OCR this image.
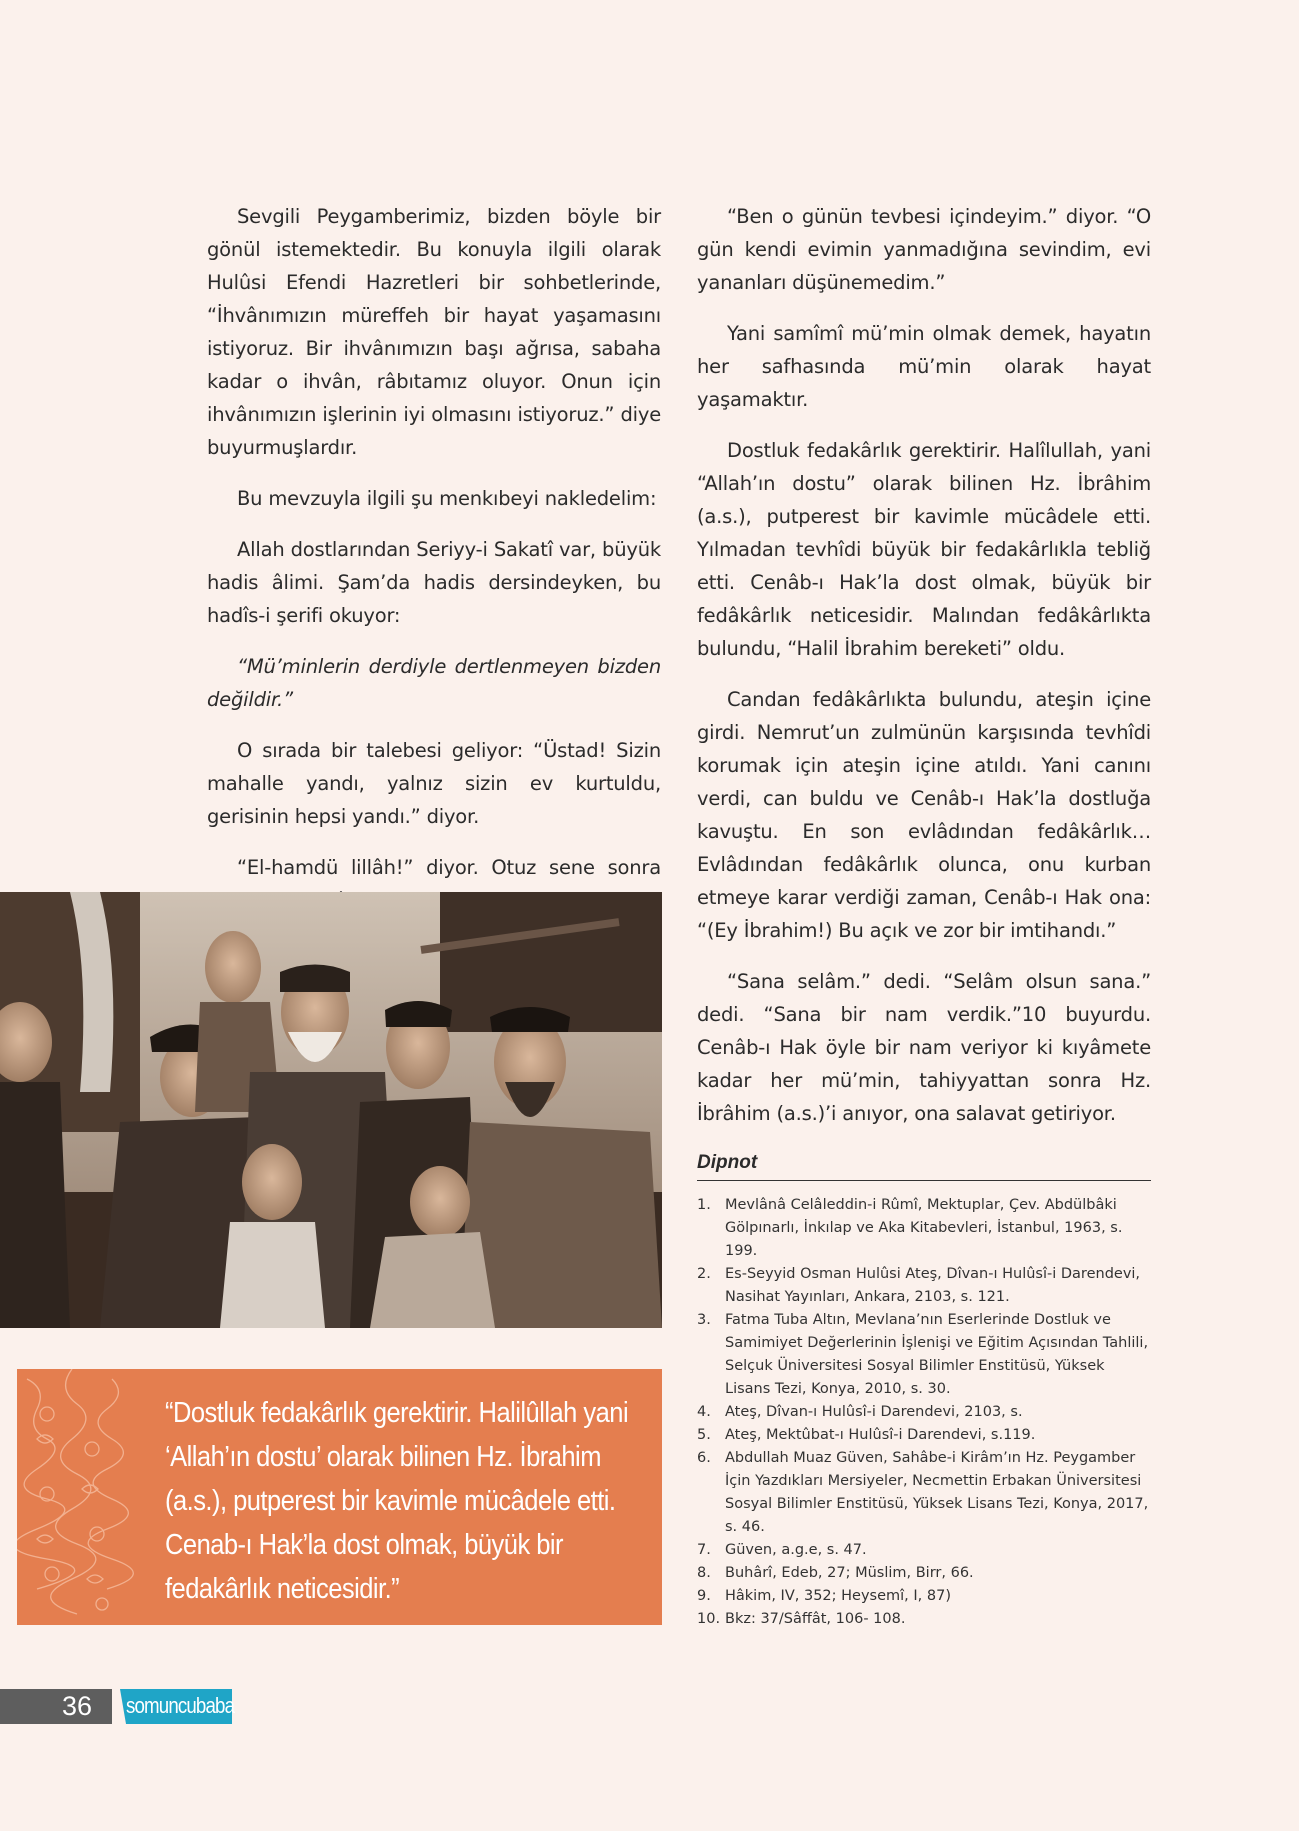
Sevgili Peygamberimiz, bizden böyle bir gönül istemektedir. Bu konuyla ilgili olarak Hulûsi Efendi Hazretleri bir sohbetlerinde, “İhvânımızın müreffeh bir hayat yaşamasını istiyoruz. Bir ihvânımızın başı ağrısa, sabaha kadar o ihvân, râbıtamız oluyor. Onun için ihvânımızın işlerinin iyi olmasını istiyoruz.” diye buyurmuşlardır.

Bu mevzuyla ilgili şu menkıbeyi nakledelim:

Allah dostlarından Seriyy-i Sakatî var, büyük hadis âlimi. Şam’da hadis dersindeyken, bu hadîs-i şerifi okuyor:

“Mü’minlerin derdiyle dertlenmeyen bizden değildir.”

O sırada bir talebesi geliyor: “Üstad! Sizin mahalle yandı, yalnız sizin ev kurtuldu, gerisinin hepsi yandı.” diyor.

“El-hamdü lillâh!” diyor. Otuz sene sonra

“Ben o günün tevbesi içindeyim.” diyor. “O gün kendi evimin yanmadığına sevindim, evi yananları düşünemedim.”

Yani samîmî mü’min olmak demek, hayatın her safhasında mü’min olarak hayat yaşamaktır.

Dostluk fedakârlık gerektirir. Halîlullah, yani “Allah’ın dostu” olarak bilinen Hz. İbrâhim (a.s.), putperest bir kavimle mücâdele etti. Yılmadan tevhîdi büyük bir fedakârlıkla tebliğ etti. Cenâb-ı Hak’la dost olmak, büyük bir fedâkârlık neticesidir. Malından fedâkârlıkta bulundu, “Halil İbrahim bereketi” oldu.

Candan fedâkârlıkta bulundu, ateşin içine girdi. Nemrut’un zulmünün karşısında tevhîdi korumak için ateşin içine atıldı. Yani canını verdi, can buldu ve Cenâb-ı Hak’la dostluğa kavuştu. En son evlâdından fedâkârlık… Evlâdından fedâkârlık olunca, onu kurban etmeye karar verdiği zaman, Cenâb-ı Hak ona: “(Ey İbrahim!) Bu açık ve zor bir imtihandı.”

“Sana selâm.” dedi. “Selâm olsun sana.” dedi. “Sana bir nam verdik.”10 buyurdu. Cenâb-ı Hak öyle bir nam veriyor ki kıyâmete kadar her mü’min, tahiyyattan sonra Hz. İbrâhim (a.s.)’i anıyor, ona salavat getiriyor.

“Dostluk fedakârlık gerektirir. Halilûllah yani ‘Allah’ın dostu’ olarak bilinen Hz. İbrahim (a.s.), putperest bir kavimle mücâdele etti. Cenab-ı Hak’la dost olmak, büyük bir fedakârlık neticesidir.”
Dipnot
1. Mevlânâ Celâleddin-i Rûmî, Mektuplar, Çev. Abdülbâki Gölpınarlı, İnkılap ve Aka Kitabevleri, İstanbul, 1963, s. 199.
2. Es-Seyyid Osman Hulûsi Ateş, Dîvan-ı Hulûsî-i Darendevi, Nasihat Yayınları, Ankara, 2103, s. 121.
3. Fatma Tuba Altın, Mevlana’nın Eserlerinde Dostluk ve Samimiyet Değerlerinin İşlenişi ve Eğitim Açısından Tahlili, Selçuk Üniversitesi Sosyal Bilimler Enstitüsü, Yüksek Lisans Tezi, Konya, 2010, s. 30.
4. Ateş, Dîvan-ı Hulûsî-i Darendevi, 2103, s.
5. Ateş, Mektûbat-ı Hulûsî-i Darendevi, s.119.
6. Abdullah Muaz Güven, Sahâbe-i Kirâm’ın Hz. Peygamber İçin Yazdıkları Mersiyeler, Necmettin Erbakan Üniversitesi Sosyal Bilimler Enstitüsü, Yüksek Lisans Tezi, Konya, 2017, s. 46.
7. Güven, a.g.e, s. 47.
8. Buhârî, Edeb, 27; Müslim, Birr, 66.
9. Hâkim, IV, 352; Heysemî, I, 87)
10. Bkz: 37/Sâffât, 106- 108.
36 somuncubaba
